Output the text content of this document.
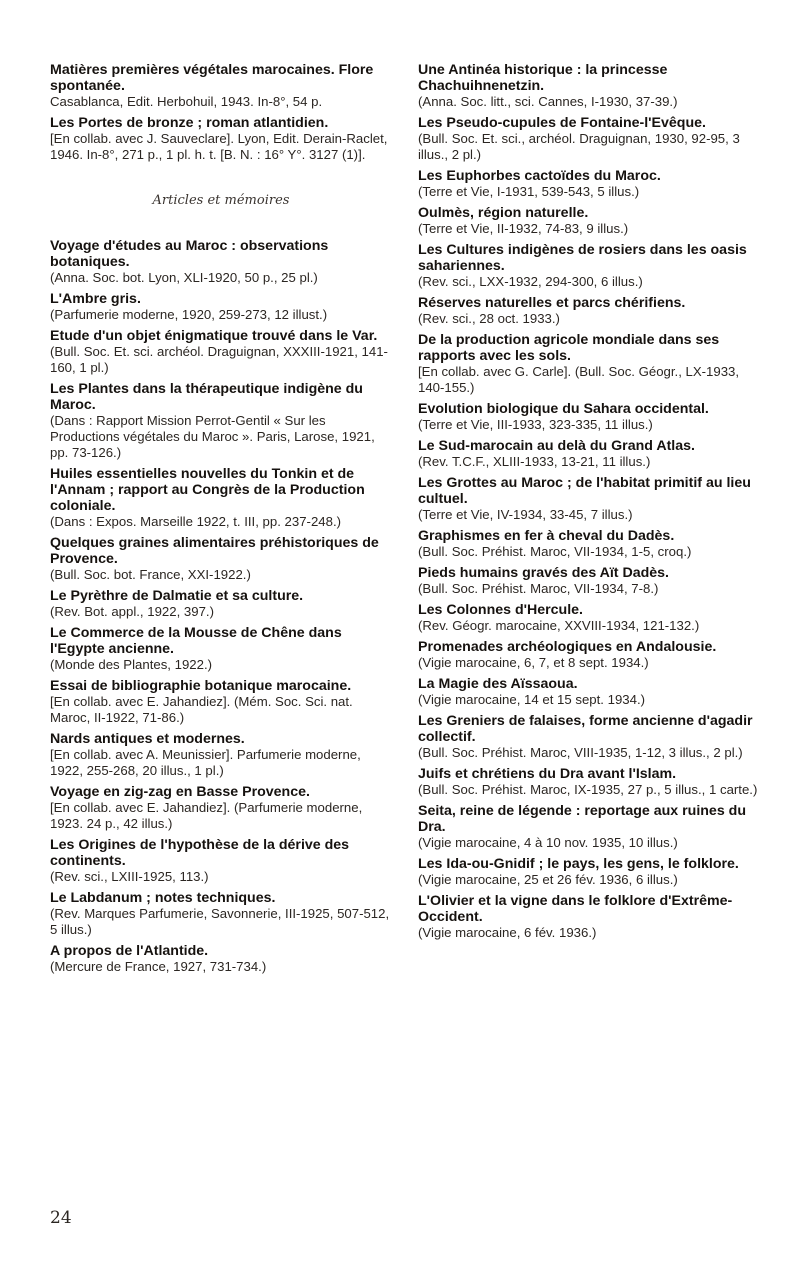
Matières premières végétales marocaines. Flore spontanée.
Casablanca, Edit. Herbohuil, 1943. In-8°, 54 p.
Les Portes de bronze ; roman atlantidien.
[En collab. avec J. Sauveclare]. Lyon, Edit. Derain-Raclet, 1946. In-8°, 271 p., 1 pl. h. t. [B. N. : 16° Y°. 3127 (1)].
Articles et mémoires
Voyage d'études au Maroc : observations botaniques.
(Anna. Soc. bot. Lyon, XLI-1920, 50 p., 25 pl.)
L'Ambre gris.
(Parfumerie moderne, 1920, 259-273, 12 illust.)
Etude d'un objet énigmatique trouvé dans le Var.
(Bull. Soc. Et. sci. archéol. Draguignan, XXXIII-1921, 141-160, 1 pl.)
Les Plantes dans la thérapeutique indigène du Maroc.
(Dans : Rapport Mission Perrot-Gentil « Sur les Productions végétales du Maroc ». Paris, Larose, 1921, pp. 73-126.)
Huiles essentielles nouvelles du Tonkin et de l'Annam ; rapport au Congrès de la Production coloniale.
(Dans : Expos. Marseille 1922, t. III, pp. 237-248.)
Quelques graines alimentaires préhistoriques de Provence.
(Bull. Soc. bot. France, XXI-1922.)
Le Pyrèthre de Dalmatie et sa culture.
(Rev. Bot. appl., 1922, 397.)
Le Commerce de la Mousse de Chêne dans l'Egypte ancienne.
(Monde des Plantes, 1922.)
Essai de bibliographie botanique marocaine.
[En collab. avec E. Jahandiez]. (Mém. Soc. Sci. nat. Maroc, II-1922, 71-86.)
Nards antiques et modernes.
[En collab. avec A. Meunissier]. Parfumerie moderne, 1922, 255-268, 20 illus., 1 pl.)
Voyage en zig-zag en Basse Provence.
[En collab. avec E. Jahandiez]. (Parfumerie moderne, 1923. 24 p., 42 illus.)
Les Origines de l'hypothèse de la dérive des continents.
(Rev. sci., LXIII-1925, 113.)
Le Labdanum ; notes techniques.
(Rev. Marques Parfumerie, Savonnerie, III-1925, 507-512, 5 illus.)
A propos de l'Atlantide.
(Mercure de France, 1927, 731-734.)
Une Antinéa historique : la princesse Chachuihnenetzin.
(Anna. Soc. litt., sci. Cannes, I-1930, 37-39.)
Les Pseudo-cupules de Fontaine-l'Evêque.
(Bull. Soc. Et. sci., archéol. Draguignan, 1930, 92-95, 3 illus., 2 pl.)
Les Euphorbes cactoïdes du Maroc.
(Terre et Vie, I-1931, 539-543, 5 illus.)
Oulmès, région naturelle.
(Terre et Vie, II-1932, 74-83, 9 illus.)
Les Cultures indigènes de rosiers dans les oasis sahariennes.
(Rev. sci., LXX-1932, 294-300, 6 illus.)
Réserves naturelles et parcs chérifiens.
(Rev. sci., 28 oct. 1933.)
De la production agricole mondiale dans ses rapports avec les sols.
[En collab. avec G. Carle]. (Bull. Soc. Géogr., LX-1933, 140-155.)
Evolution biologique du Sahara occidental.
(Terre et Vie, III-1933, 323-335, 11 illus.)
Le Sud-marocain au delà du Grand Atlas.
(Rev. T.C.F., XLIII-1933, 13-21, 11 illus.)
Les Grottes au Maroc ; de l'habitat primitif au lieu cultuel.
(Terre et Vie, IV-1934, 33-45, 7 illus.)
Graphismes en fer à cheval du Dadès.
(Bull. Soc. Préhist. Maroc, VII-1934, 1-5, croq.)
Pieds humains gravés des Aït Dadès.
(Bull. Soc. Préhist. Maroc, VII-1934, 7-8.)
Les Colonnes d'Hercule.
(Rev. Géogr. marocaine, XXVIII-1934, 121-132.)
Promenades archéologiques en Andalousie.
(Vigie marocaine, 6, 7, et 8 sept. 1934.)
La Magie des Aïssaoua.
(Vigie marocaine, 14 et 15 sept. 1934.)
Les Greniers de falaises, forme ancienne d'agadir collectif.
(Bull. Soc. Préhist. Maroc, VIII-1935, 1-12, 3 illus., 2 pl.)
Juifs et chrétiens du Dra avant l'Islam.
(Bull. Soc. Préhist. Maroc, IX-1935, 27 p., 5 illus., 1 carte.)
Seita, reine de légende : reportage aux ruines du Dra.
(Vigie marocaine, 4 à 10 nov. 1935, 10 illus.)
Les Ida-ou-Gnidif ; le pays, les gens, le folklore.
(Vigie marocaine, 25 et 26 fév. 1936, 6 illus.)
L'Olivier et la vigne dans le folklore d'Extrême- Occident.
(Vigie marocaine, 6 fév. 1936.)
24
